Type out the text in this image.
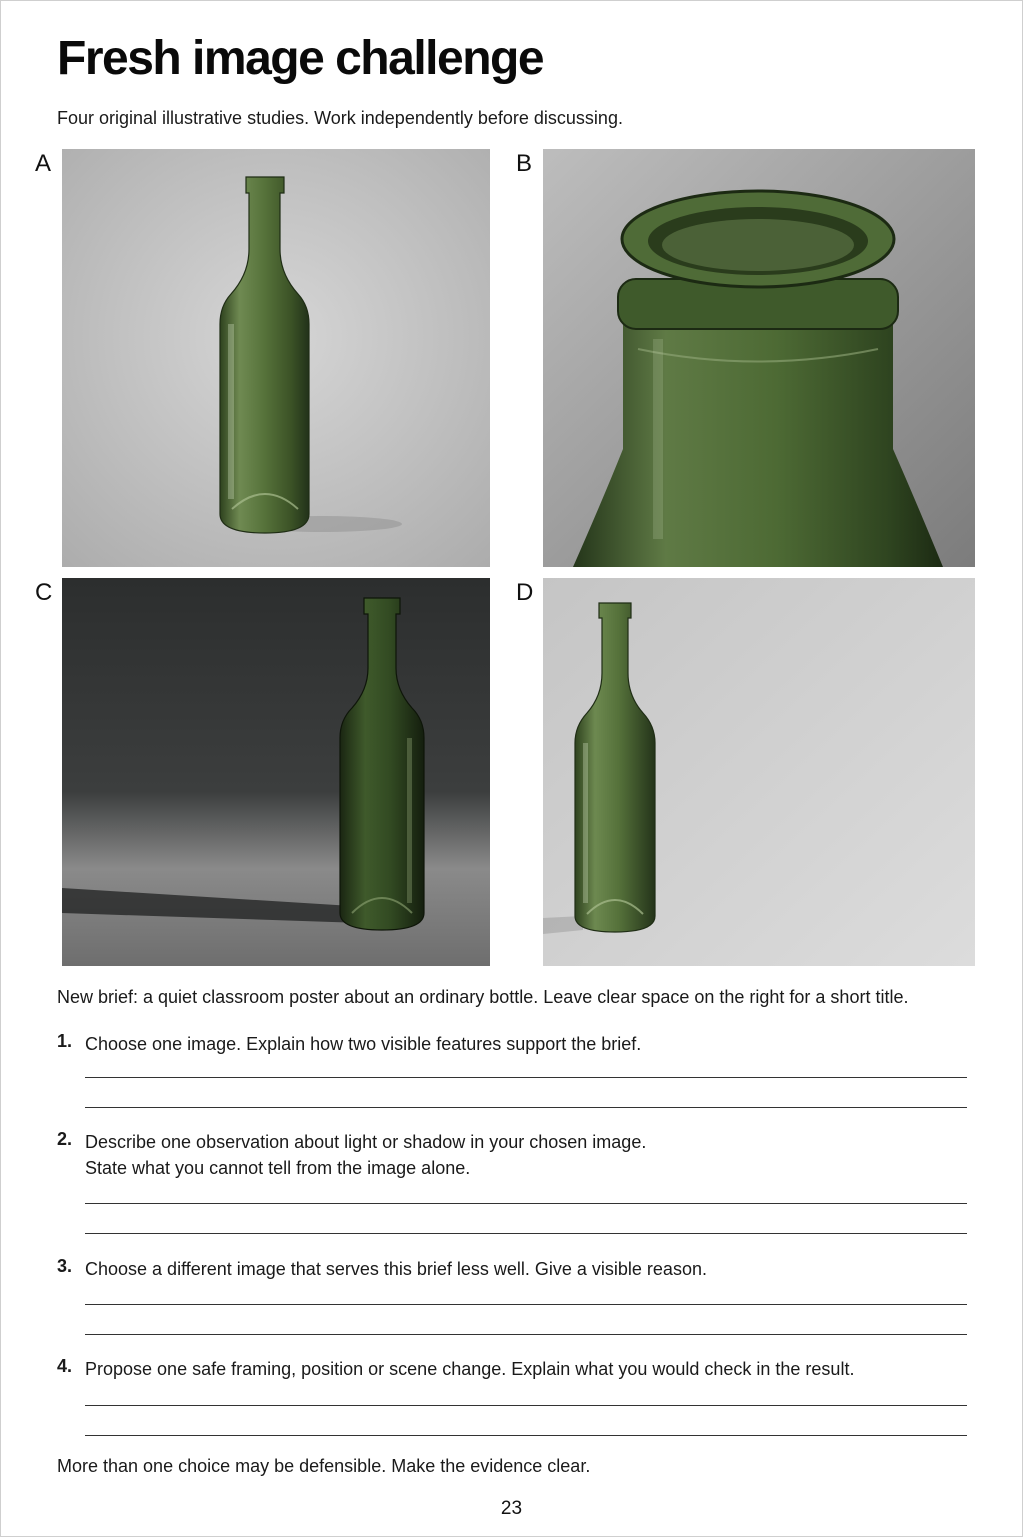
Fresh image challenge
Four original illustrative studies. Work independently before discussing.
A	B
C	D
New brief: a quiet classroom poster about an ordinary bottle. Leave clear space on the right for a short title.
1. Choose one image. Explain how two visible features support the brief.
2. Describe one observation about light or shadow in your chosen image.
State what you cannot tell from the image alone.
3. Choose a different image that serves this brief less well. Give a visible reason.
4. Propose one safe framing, position or scene change. Explain what you would check in the result.
More than one choice may be defensible. Make the evidence clear.
23
